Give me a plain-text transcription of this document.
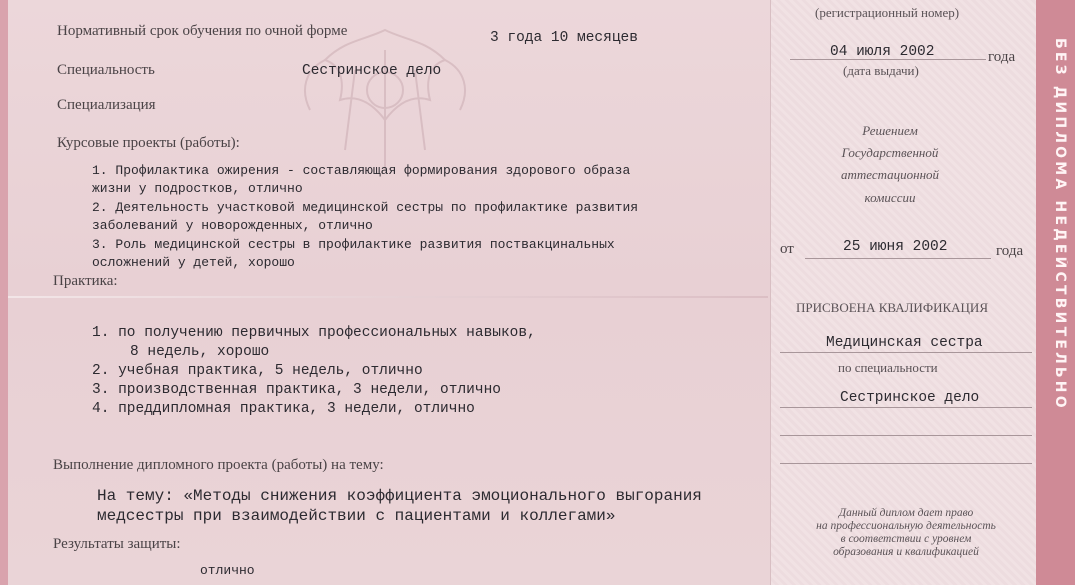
БЕЗ ДИПЛОМА НЕДЕЙСТВИТЕЛЬНО
Нормативный срок обучения по очной форме	3 года 10 месяцев
Специальность	Сестринское дело
Специализация
Курсовые проекты (работы):
1. Профилактика ожирения - составляющая формирования здорового образа
жизни у подростков, отлично
2. Деятельность участковой медицинской сестры по профилактике развития
заболеваний у новорожденных, отлично
3. Роль медицинской сестры в профилактике развития поствакцинальных
осложнений у детей, хорошо
Практика:
1. по получению первичных профессиональных навыков,
8 недель, хорошо
2. учебная практика, 5 недель, отлично
3. производственная практика, 3 недели, отлично
4. преддипломная практика, 3 недели, отлично
Выполнение дипломного проекта (работы) на тему:
На тему: «Методы снижения коэффициента эмоционального выгорания
медсестры при взаимодействии с пациентами и коллегами»
Результаты защиты:
отлично
(регистрационный номер)
04 июля 2002	года
(дата выдачи)
Решением
Государственной
аттестационной
комиссии
от	25 июня 2002	года
ПРИСВОЕНА КВАЛИФИКАЦИЯ
Медицинская сестра
по специальности
Сестринское дело
Данный диплом дает право
на профессиональную деятельность
в соответствии с уровнем
образования и квалификацией
